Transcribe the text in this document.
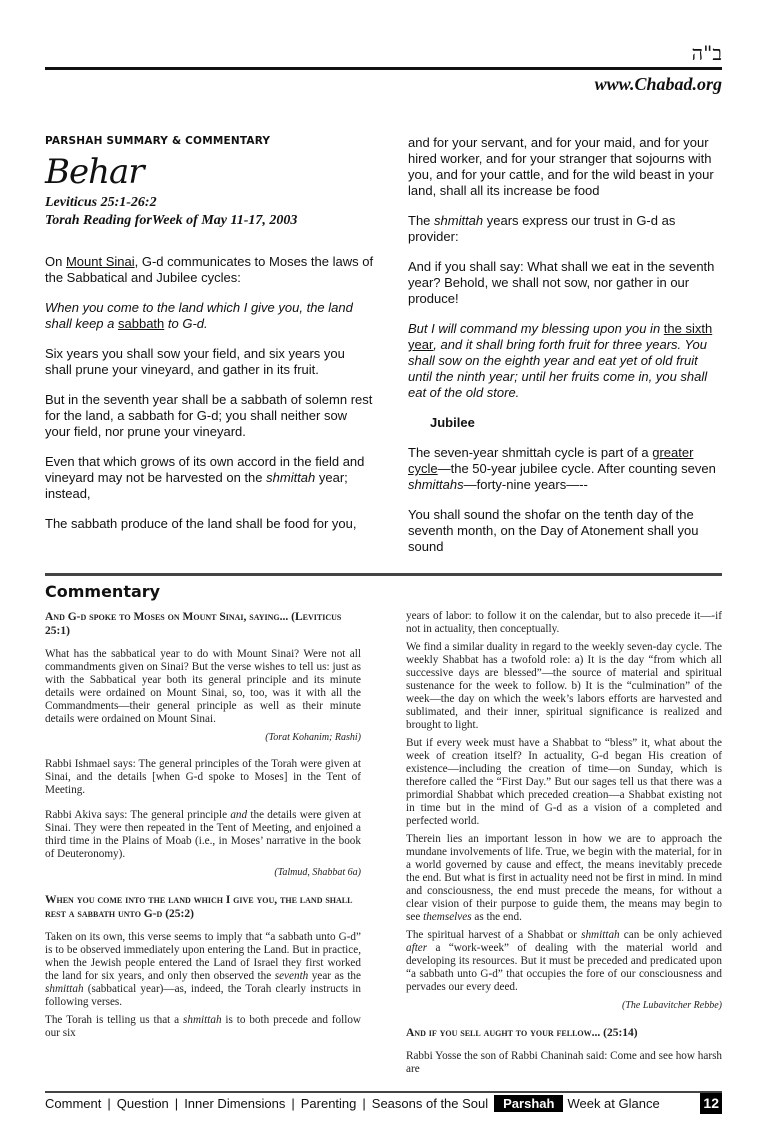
ב"ה
www.Chabad.org
PARSHAH SUMMARY & COMMENTARY
Behar
Leviticus 25:1-26:2
Torah Reading forWeek of May 11-17, 2003

On Mount Sinai, G-d communicates to Moses the laws of the Sabbatical and Jubilee cycles:

When you come to the land which I give you, the land shall keep a sabbath to G-d.

Six years you shall sow your field, and six years you shall prune your vineyard, and gather in its fruit.

But in the seventh year shall be a sabbath of solemn rest for the land, a sabbath for G-d; you shall neither sow your field, nor prune your vineyard.

Even that which grows of its own accord in the field and vineyard may not be harvested on the shmittah year; instead,

The sabbath produce of the land shall be food for you,

and for your servant, and for your maid, and for your hired worker, and for your stranger that sojourns with you, and for your cattle, and for the wild beast in your land, shall all its increase be food

The shmittah years express our trust in G-d as provider:

And if you shall say: What shall we eat in the seventh year? Behold, we shall not sow, nor gather in our produce!

But I will command my blessing upon you in the sixth year, and it shall bring forth fruit for three years. You shall sow on the eighth year and eat yet of old fruit until the ninth year; until her fruits come in, you shall eat of the old store.

Jubilee

The seven-year shmittah cycle is part of a greater cycle—the 50-year jubilee cycle. After counting seven shmittahs—forty-nine years—--

You shall sound the shofar on the tenth day of the seventh month, on the Day of Atonement shall you sound

Commentary

And G-d spoke to Moses on Mount Sinai, saying... (Leviticus 25:1)

What has the sabbatical year to do with Mount Sinai? Were not all commandments given on Sinai? But the verse wishes to tell us: just as with the Sabbatical year both its general principle and its minute details were ordained on Mount Sinai, so, too, was it with all the Commandments—their general principle as well as their minute details were ordained on Mount Sinai.

(Torat Kohanim; Rashi)

Rabbi Ishmael says: The general principles of the Torah were given at Sinai, and the details [when G-d spoke to Moses] in the Tent of Meeting.

Rabbi Akiva says: The general principle and the details were given at Sinai. They were then repeated in the Tent of Meeting, and enjoined a third time in the Plains of Moab (i.e., in Moses’ narrative in the book of Deuteronomy).

(Talmud, Shabbat 6a)

When you come into the land which I give you, the land shall rest a sabbath unto G-d (25:2)

Taken on its own, this verse seems to imply that “a sabbath unto G-d” is to be observed immediately upon entering the Land. But in practice, when the Jewish people entered the Land of Israel they first worked the land for six years, and only then observed the seventh year as the shmittah (sabbatical year)—as, indeed, the Torah clearly instructs in following verses.

The Torah is telling us that a shmittah is to both precede and follow our six

years of labor: to follow it on the calendar, but to also precede it—-if not in actuality, then conceptually.

We find a similar duality in regard to the weekly seven-day cycle. The weekly Shabbat has a twofold role: a) It is the day “from which all successive days are blessed”—the source of material and spiritual sustenance for the week to follow. b) It is the “culmination” of the week—the day on which the week’s labors efforts are harvested and sublimated, and their inner, spiritual significance is realized and brought to light.

But if every week must have a Shabbat to “bless” it, what about the week of creation itself? In actuality, G-d began His creation of existence—including the creation of time—on Sunday, which is therefore called the “First Day.” But our sages tell us that there was a primordial Shabbat which preceded creation—a Shabbat existing not in time but in the mind of G-d as a vision of a completed and perfected world.

Therein lies an important lesson in how we are to approach the mundane involvements of life. True, we begin with the material, for in a world governed by cause and effect, the means inevitably precede the end. But what is first in actuality need not be first in mind. In mind and consciousness, the end must precede the means, for without a clear vision of their purpose to guide them, the means may begin to see themselves as the end.

The spiritual harvest of a Shabbat or shmittah can be only achieved after a “work-week” of dealing with the material world and developing its resources. But it must be preceded and predicated upon “a sabbath unto G-d” that occupies the fore of our consciousness and pervades our every deed.

(The Lubavitcher Rebbe)

And if you sell aught to your fellow... (25:14)

Rabbi Yosse the son of Rabbi Chaninah said: Come and see how harsh are

Comment | Question | Inner Dimensions | Parenting | Seasons of the Soul	Parshah	Week at Glance	12
